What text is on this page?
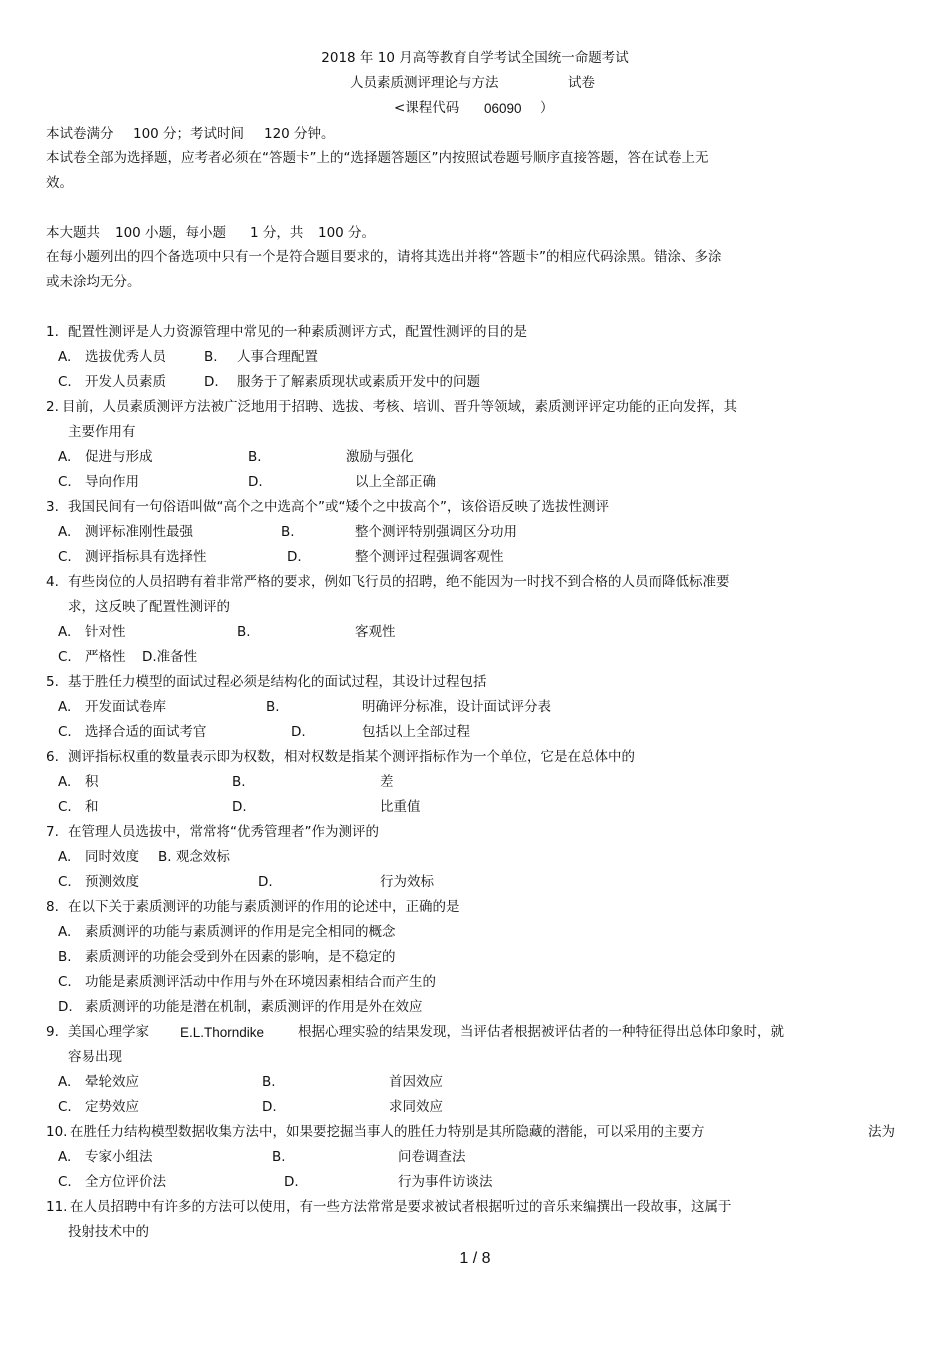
2018 年 10 月高等教育自学考试全国统一命题考试
人员素质测评理论与方法	试卷
<课程代码 06090 ）
本试卷满分 100 分；考试时间 120 分钟。
本试卷全部为选择题，应考者必须在“答题卡”上的“选择题答题区”内按照试卷题号顺序直接答题，答在试卷上无
效。
本大题共 100 小题，每小题 1 分，共 100 分。
在每小题列出的四个备选项中只有一个是符合题目要求的，请将其选出并将“答题卡”的相应代码涂黑。错涂、多涂
或未涂均无分。
1. 配置性测评是人力资源管理中常见的一种素质测评方式，配置性测评的目的是
A. 选拔优秀人员	B. 人事合理配置
C. 开发人员素质	D. 服务于了解素质现状或素质开发中的问题
2. 目前，人员素质测评方法被广泛地用于招聘、选拔、考核、培训、晋升等领域，素质测评评定功能的正向发挥，其
主要作用有
A. 促进与形成	B.	激励与强化
C. 导向作用	D.	以上全部正确
3. 我国民间有一句俗语叫做“高个之中选高个”或“矮个之中拔高个”，该俗语反映了选拔性测评
A. 测评标准刚性最强	B.	整个测评特别强调区分功用
C. 测评指标具有选择性	D.	整个测评过程强调客观性
4. 有些岗位的人员招聘有着非常严格的要求，例如飞行员的招聘，绝不能因为一时找不到合格的人员而降低标准要
求，这反映了配置性测评的
A. 针对性	B.	客观性
C. 严格性 D.准备性
5. 基于胜任力模型的面试过程必须是结构化的面试过程，其设计过程包括
A. 开发面试卷库	B.	明确评分标准，设计面试评分表
C. 选择合适的面试考官	D.	包括以上全部过程
6. 测评指标权重的数量表示即为权数，相对权数是指某个测评指标作为一个单位，它是在总体中的
A. 积	B.	差
C. 和	D.	比重值
7. 在管理人员选拔中，常常将“优秀管理者”作为测评的
A. 同时效度 B. 观念效标
C. 预测效度	D.	行为效标
8. 在以下关于素质测评的功能与素质测评的作用的论述中，正确的是
A. 素质测评的功能与素质测评的作用是完全相同的概念
B. 素质测评的功能会受到外在因素的影响，是不稳定的
C. 功能是素质测评活动中作用与外在环境因素相结合而产生的
D. 素质测评的功能是潜在机制，素质测评的作用是外在效应
9. 美国心理学家 E.L.Thorndike	根据心理实验的结果发现，当评估者根据被评估者的一种特征得出总体印象时，就
容易出现
A. 晕轮效应	B.	首因效应
C. 定势效应	D.	求同效应
10. 在胜任力结构模型数据收集方法中，如果要挖掘当事人的胜任力特别是其所隐藏的潜能，可以采用的主要方	法为
A. 专家小组法	B.	问卷调查法
C. 全方位评价法	D.	行为事件访谈法
11. 在人员招聘中有许多的方法可以使用，有一些方法常常是要求被试者根据听过的音乐来编撰出一段故事，这属于
投射技术中的
1 / 8
